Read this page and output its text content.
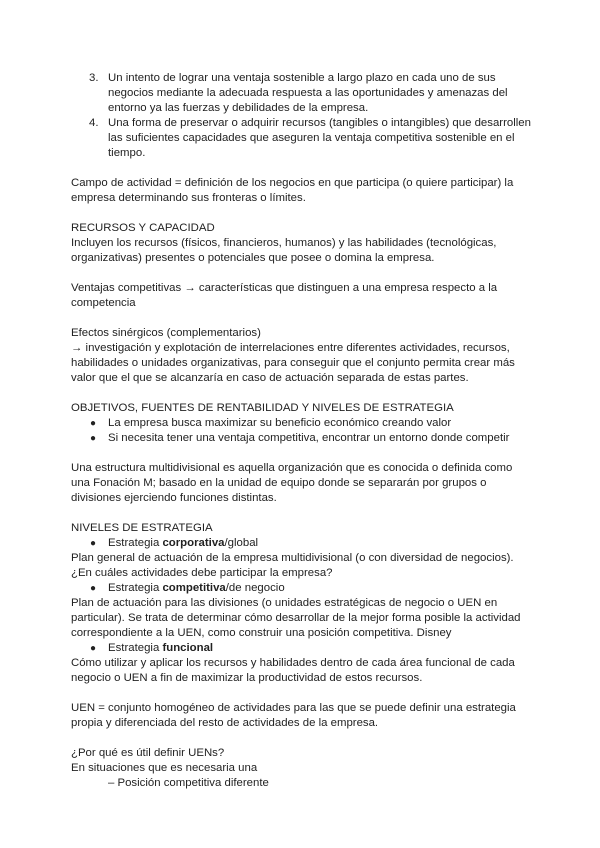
3. Un intento de lograr una ventaja sostenible a largo plazo en cada uno de sus negocios mediante la adecuada respuesta a las oportunidades y amenazas del entorno ya las fuerzas y debilidades de la empresa.
4. Una forma de preservar o adquirir recursos (tangibles o intangibles) que desarrollen las suficientes capacidades que aseguren la ventaja competitiva sostenible en el tiempo.

Campo de actividad = definición de los negocios en que participa (o quiere participar) la empresa determinando sus fronteras o límites.

RECURSOS Y CAPACIDAD

Incluyen los recursos (físicos, financieros, humanos) y las habilidades (tecnológicas, organizativas) presentes o potenciales que posee o domina la empresa.

Ventajas competitivas → características que distinguen a una empresa respecto a la competencia

Efectos sinérgicos (complementarios)

→ investigación y explotación de interrelaciones entre diferentes actividades, recursos, habilidades o unidades organizativas, para conseguir que el conjunto permita crear más valor que el que se alcanzaría en caso de actuación separada de estas partes.

OBJETIVOS, FUENTES DE RENTABILIDAD Y NIVELES DE ESTRATEGIA

● La empresa busca maximizar su beneficio económico creando valor
● Si necesita tener una ventaja competitiva, encontrar un entorno donde competir

Una estructura multidivisional es aquella organización que es conocida o definida como una Fonación M; basado en la unidad de equipo donde se separarán por grupos o divisiones ejerciendo funciones distintas.

NIVELES DE ESTRATEGIA

● Estrategia corporativa/global

Plan general de actuación de la empresa multidivisional (o con diversidad de negocios). ¿En cuáles actividades debe participar la empresa?

● Estrategia competitiva/de negocio

Plan de actuación para las divisiones (o unidades estratégicas de negocio o UEN en particular). Se trata de determinar cómo desarrollar de la mejor forma posible la actividad correspondiente a la UEN, como construir una posición competitiva. Disney

● Estrategia funcional

Cómo utilizar y aplicar los recursos y habilidades dentro de cada área funcional de cada negocio o UEN a fin de maximizar la productividad de estos recursos.

UEN = conjunto homogéneo de actividades para las que se puede definir una estrategia propia y diferenciada del resto de actividades de la empresa.

¿Por qué es útil definir UENs?

En situaciones que es necesaria una

‒ Posición competitiva diferente
